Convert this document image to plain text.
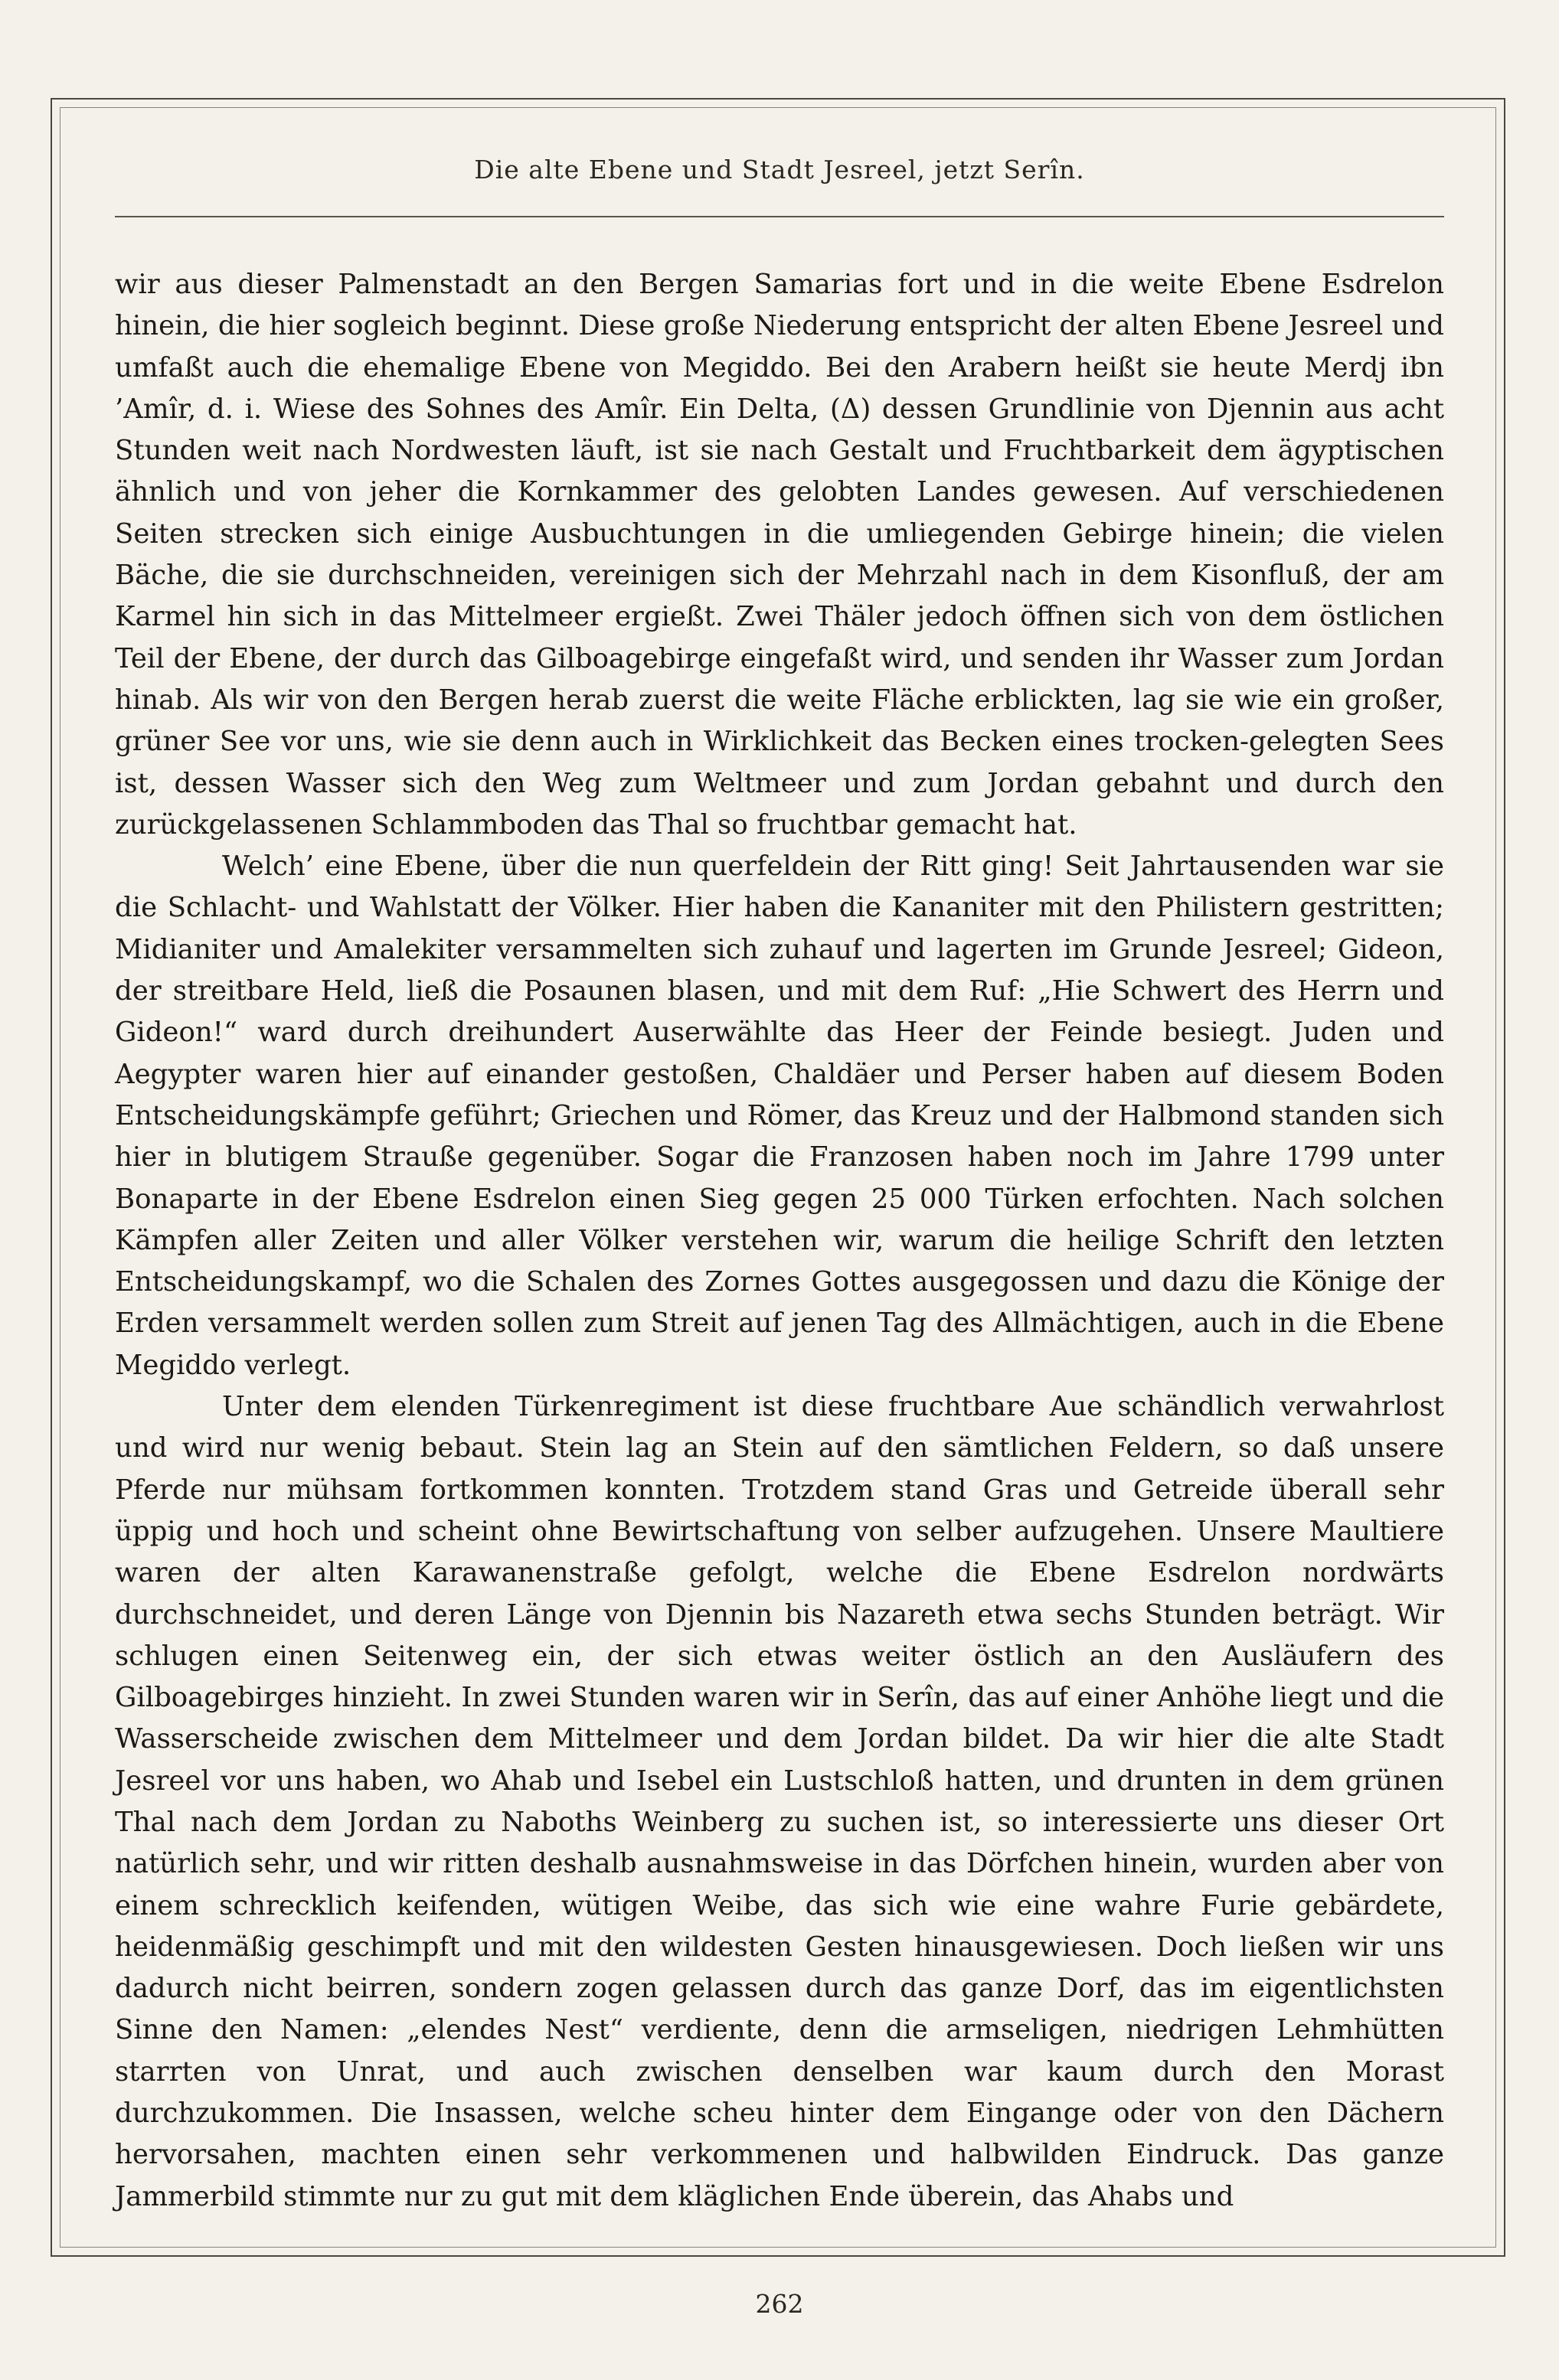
Die alte Ebene und Stadt Jesreel, jetzt Serîn.

wir aus dieser Palmenstadt an den Bergen Samarias fort und in die weite Ebene Esdrelon hinein, die hier sogleich beginnt. Diese große Niederung entspricht der alten Ebene Jesreel und umfaßt auch die ehemalige Ebene von Megiddo. Bei den Arabern heißt sie heute Merdj ibn ’Amîr, d. i. Wiese des Sohnes des Amîr. Ein Delta, (Δ) dessen Grundlinie von Djennin aus acht Stunden weit nach Nordwesten läuft, ist sie nach Gestalt und Fruchtbarkeit dem ägyptischen ähnlich und von jeher die Kornkammer des gelobten Landes gewesen. Auf verschiedenen Seiten strecken sich einige Ausbuchtungen in die umliegenden Gebirge hinein; die vielen Bäche, die sie durchschneiden, vereinigen sich der Mehrzahl nach in dem Kisonfluß, der am Karmel hin sich in das Mittelmeer ergießt. Zwei Thäler jedoch öffnen sich von dem östlichen Teil der Ebene, der durch das Gilboagebirge eingefaßt wird, und senden ihr Wasser zum Jordan hinab. Als wir von den Bergen herab zuerst die weite Fläche erblickten, lag sie wie ein großer, grüner See vor uns, wie sie denn auch in Wirklichkeit das Becken eines trocken-gelegten Sees ist, dessen Wasser sich den Weg zum Weltmeer und zum Jordan gebahnt und durch den zurückgelassenen Schlammboden das Thal so fruchtbar gemacht hat.

Welch’ eine Ebene, über die nun querfeldein der Ritt ging! Seit Jahrtausenden war sie die Schlacht- und Wahlstatt der Völker. Hier haben die Kananiter mit den Philistern gestritten; Midianiter und Amalekiter versammelten sich zuhauf und lagerten im Grunde Jesreel; Gideon, der streitbare Held, ließ die Posaunen blasen, und mit dem Ruf: „Hie Schwert des Herrn und Gideon!“ ward durch dreihundert Auserwählte das Heer der Feinde besiegt. Juden und Aegypter waren hier auf einander gestoßen, Chaldäer und Perser haben auf diesem Boden Entscheidungskämpfe geführt; Griechen und Römer, das Kreuz und der Halbmond standen sich hier in blutigem Strauße gegenüber. Sogar die Franzosen haben noch im Jahre 1799 unter Bonaparte in der Ebene Esdrelon einen Sieg gegen 25 000 Türken erfochten. Nach solchen Kämpfen aller Zeiten und aller Völker verstehen wir, warum die heilige Schrift den letzten Entscheidungskampf, wo die Schalen des Zornes Gottes ausgegossen und dazu die Könige der Erden versammelt werden sollen zum Streit auf jenen Tag des Allmächtigen, auch in die Ebene Megiddo verlegt.

Unter dem elenden Türkenregiment ist diese fruchtbare Aue schändlich verwahrlost und wird nur wenig bebaut. Stein lag an Stein auf den sämtlichen Feldern, so daß unsere Pferde nur mühsam fortkommen konnten. Trotzdem stand Gras und Getreide überall sehr üppig und hoch und scheint ohne Bewirtschaftung von selber aufzugehen. Unsere Maultiere waren der alten Karawanenstraße gefolgt, welche die Ebene Esdrelon nordwärts durchschneidet, und deren Länge von Djennin bis Nazareth etwa sechs Stunden beträgt. Wir schlugen einen Seitenweg ein, der sich etwas weiter östlich an den Ausläufern des Gilboagebirges hinzieht. In zwei Stunden waren wir in Serîn, das auf einer Anhöhe liegt und die Wasserscheide zwischen dem Mittelmeer und dem Jordan bildet. Da wir hier die alte Stadt Jesreel vor uns haben, wo Ahab und Isebel ein Lustschloß hatten, und drunten in dem grünen Thal nach dem Jordan zu Naboths Weinberg zu suchen ist, so interessierte uns dieser Ort natürlich sehr, und wir ritten deshalb ausnahmsweise in das Dörfchen hinein, wurden aber von einem schrecklich keifenden, wütigen Weibe, das sich wie eine wahre Furie gebärdete, heidenmäßig geschimpft und mit den wildesten Gesten hinausgewiesen. Doch ließen wir uns dadurch nicht beirren, sondern zogen gelassen durch das ganze Dorf, das im eigentlichsten Sinne den Namen: „elendes Nest“ verdiente, denn die armseligen, niedrigen Lehmhütten starrten von Unrat, und auch zwischen denselben war kaum durch den Morast durchzukommen. Die Insassen, welche scheu hinter dem Eingange oder von den Dächern hervorsahen, machten einen sehr verkommenen und halbwilden Eindruck. Das ganze Jammerbild stimmte nur zu gut mit dem kläglichen Ende überein, das Ahabs und

262
